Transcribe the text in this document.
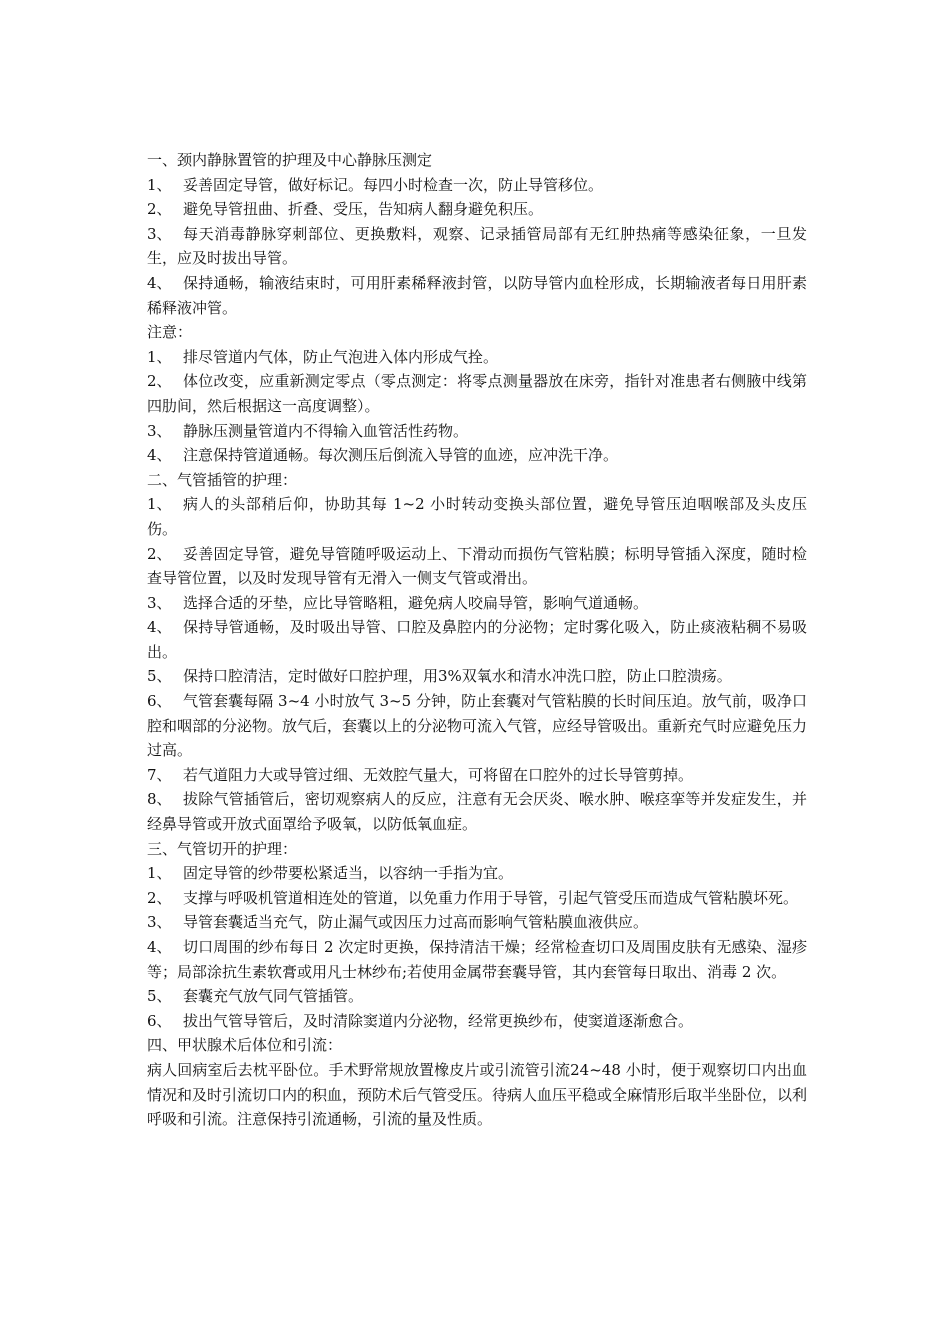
一、颈内静脉置管的护理及中心静脉压测定
1、 妥善固定导管，做好标记。每四小时检查一次，防止导管移位。
2、 避免导管扭曲、折叠、受压，告知病人翻身避免积压。
3、 每天消毒静脉穿刺部位、更换敷料，观察、记录插管局部有无红肿热痛等感染征象，一旦发生，应及时拔出导管。
4、 保持通畅，输液结束时，可用肝素稀释液封管，以防导管内血栓形成，长期输液者每日用肝素稀释液冲管。
注意：
1、 排尽管道内气体，防止气泡进入体内形成气拴。
2、 体位改变，应重新测定零点（零点测定：将零点测量器放在床旁，指针对准患者右侧腋中线第四肋间，然后根据这一高度调整）。
3、 静脉压测量管道内不得输入血管活性药物。
4、 注意保持管道通畅。每次测压后倒流入导管的血迹，应冲洗干净。
二、气管插管的护理：
1、 病人的头部稍后仰，协助其每 1~2 小时转动变换头部位置，避免导管压迫咽喉部及头皮压伤。
2、 妥善固定导管，避免导管随呼吸运动上、下滑动而损伤气管粘膜；标明导管插入深度，随时检查导管位置，以及时发现导管有无滑入一侧支气管或滑出。
3、 选择合适的牙垫，应比导管略粗，避免病人咬扁导管，影响气道通畅。
4、 保持导管通畅，及时吸出导管、口腔及鼻腔内的分泌物；定时雾化吸入，防止痰液粘稠不易吸出。
5、 保持口腔清洁，定时做好口腔护理，用3%双氧水和清水冲洗口腔，防止口腔溃疡。
6、 气管套囊每隔 3~4 小时放气 3~5 分钟，防止套囊对气管粘膜的长时间压迫。放气前，吸净口腔和咽部的分泌物。放气后，套囊以上的分泌物可流入气管，应经导管吸出。重新充气时应避免压力过高。
7、 若气道阻力大或导管过细、无效腔气量大，可将留在口腔外的过长导管剪掉。
8、 拔除气管插管后，密切观察病人的反应，注意有无会厌炎、喉水肿、喉痉挛等并发症发生，并经鼻导管或开放式面罩给予吸氧，以防低氧血症。
三、气管切开的护理：
1、 固定导管的纱带要松紧适当，以容纳一手指为宜。
2、 支撑与呼吸机管道相连处的管道，以免重力作用于导管，引起气管受压而造成气管粘膜坏死。
3、 导管套囊适当充气，防止漏气或因压力过高而影响气管粘膜血液供应。
4、 切口周围的纱布每日 2 次定时更换，保持清洁干燥；经常检查切口及周围皮肤有无感染、湿疹等；局部涂抗生素软膏或用凡士林纱布;若使用金属带套囊导管，其内套管每日取出、消毒 2 次。
5、 套囊充气放气同气管插管。
6、 拔出气管导管后，及时清除窦道内分泌物，经常更换纱布，使窦道逐渐愈合。
四、甲状腺术后体位和引流：
病人回病室后去枕平卧位。手术野常规放置橡皮片或引流管引流24~48 小时，便于观察切口内出血情况和及时引流切口内的积血，预防术后气管受压。待病人血压平稳或全麻情形后取半坐卧位，以利呼吸和引流。注意保持引流通畅，引流的量及性质。
